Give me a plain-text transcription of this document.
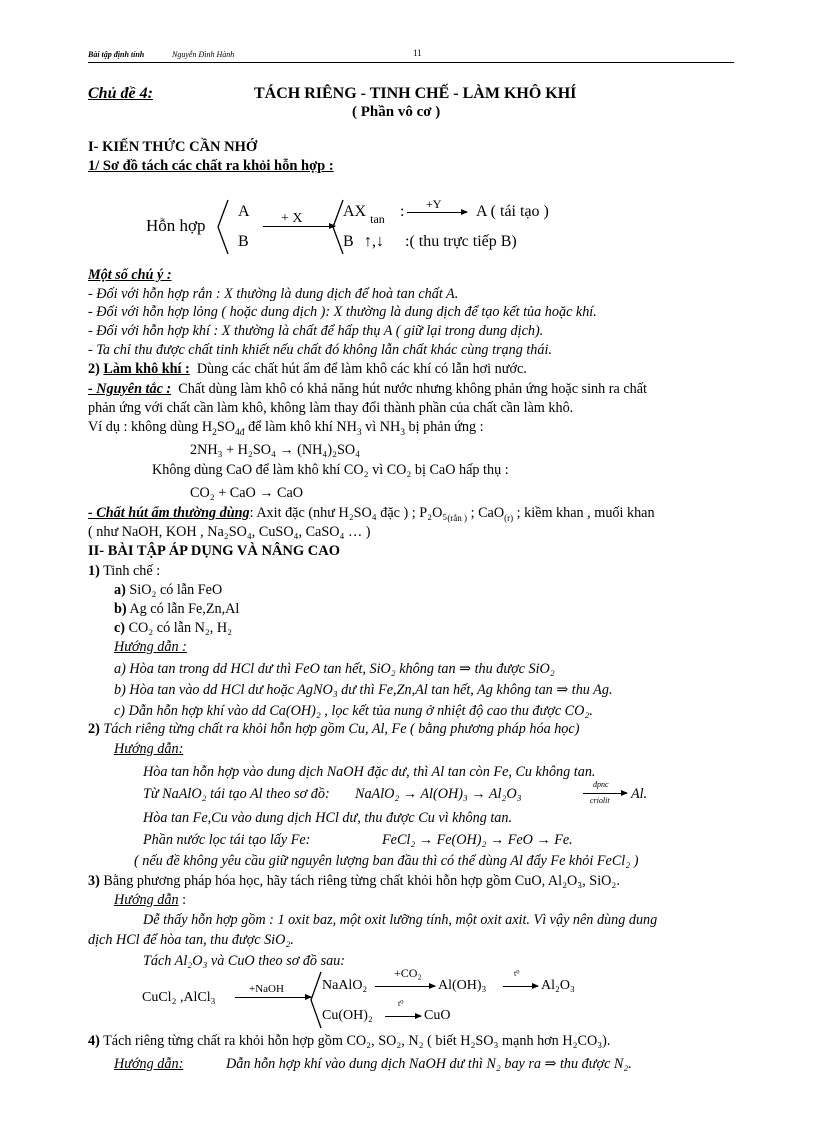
Bài tập định tính	Nguyễn Đình Hành	11
Chủ đề 4:	TÁCH RIÊNG - TINH CHẾ - LÀM KHÔ KHÍ
( Phần vô cơ )
I- KIẾN THỨC CẦN NHỚ
1/ Sơ đồ tách các chất ra khỏi hỗn hợp :
Hỗn hợp
A
B
+ X	AX $_{tan}$ : +Y A ( tái tạo )
B ↑,↓ :( thu trực tiếp B)
Một số chú ý :
- Đối với hỗn hợp rắn : X thường là dung dịch để hoà tan chất A.
- Đối với hỗn hợp lỏng ( hoặc dung dịch ): X thường là dung dịch để tạo kết tủa hoặc khí.
- Đối với hỗn hợp khí : X thường là chất để hấp thụ A ( giữ lại trong dung dịch).
- Ta chỉ thu được chất tinh khiết nếu chất đó không lẫn chất khác cùng trạng thái.
2) Làm khô khí : Dùng các chất hút ẩm để làm khô các khí có lẫn hơi nước.
- Nguyên tắc : Chất dùng làm khô có khả năng hút nước nhưng không phản ứng hoặc sinh ra chất
phản ứng với chất cần làm khô, không làm thay đổi thành phần của chất cần làm khô.
Ví dụ : không dùng $H_2SO_{4đ}$ để làm khô khí $NH_3$ vì $NH_3$ bị phản ứng :
2NH₃ + H₂SO₄ → (NH₄)₂SO₄
Không dùng CaO để làm khô khí CO₂ vì CO₂ bị CaO hấp thụ :
CO₂ + CaO → CaO
- Chất hút ẩm thường dùng: Axit đặc (như H₂SO₄ đặc ) ; $P_2O_5_{(rắn )}$ ; CaO$_{(r)}$ ; kiềm khan , muối khan
( như NaOH, KOH , Na₂SO₄, CuSO₄, CaSO₄ … )
II- BÀI TẬP ÁP DỤNG VÀ NÂNG CAO
1) Tinh chế :
a) SiO₂ có lẫn FeO
b) Ag có lẫn Fe,Zn,Al
c) CO₂ có lẫn N₂, H₂
Hướng dẫn :
a) Hòa tan trong dd HCl dư thì FeO tan hết, SiO₂ không tan ⇒ thu được SiO₂
b) Hòa tan vào dd HCl dư hoặc AgNO₃ dư thì Fe,Zn,Al tan hết, Ag không tan ⇒ thu Ag.
c) Dẫn hỗn hợp khí vào dd Ca(OH)₂ , lọc kết tủa nung ở nhiệt độ cao thu được CO₂.
2) Tách riêng từng chất ra khỏi hỗn hợp gồm Cu, Al, Fe ( bằng phương pháp hóa học)
Hướng dẫn:
Hòa tan hỗn hợp vào dung dịch NaOH đặc dư, thì Al tan còn Fe, Cu không tan.
Từ NaAlO₂ tái tạo Al theo sơ đồ: NaAlO₂ → Al(OH)₃ → Al₂O₃
đpnc
criolit Al.
Hòa tan Fe,Cu vào dung dịch HCl dư, thu được Cu vì không tan.
Phần nước lọc tái tạo lấy Fe:	FeCl₂ → Fe(OH)₂ → FeO → Fe.
( nếu đề không yêu cầu giữ nguyên lượng ban đầu thì có thể dùng Al đẩy Fe khỏi FeCl₂ )
3) Bằng phương pháp hóa học, hãy tách riêng từng chất khỏi hỗn hợp gồm CuO, Al₂O₃, SiO₂.
Hướng dẫn :
Dễ thấy hỗn hợp gồm : 1 oxit baz, một oxit lưỡng tính, một oxit axit. Vì vậy nên dùng dung
dịch HCl để hòa tan, thu được SiO₂.
Tách Al₂O₃ và CuO theo sơ đồ sau:
CuCl₂ ,AlCl₃
+NaOH	NaAlO₂
+CO₂
Al(OH)₃
t⁰
Al₂O₃
Cu(OH)₂
t⁰
CuO
4) Tách riêng từng chất ra khỏi hỗn hợp gồm CO₂, SO₂, N₂ ( biết H₂SO₃ mạnh hơn H₂CO₃).
Hướng dẫn:	Dẫn hỗn hợp khí vào dung dịch NaOH dư thì N₂ bay ra ⇒ thu được N₂.
